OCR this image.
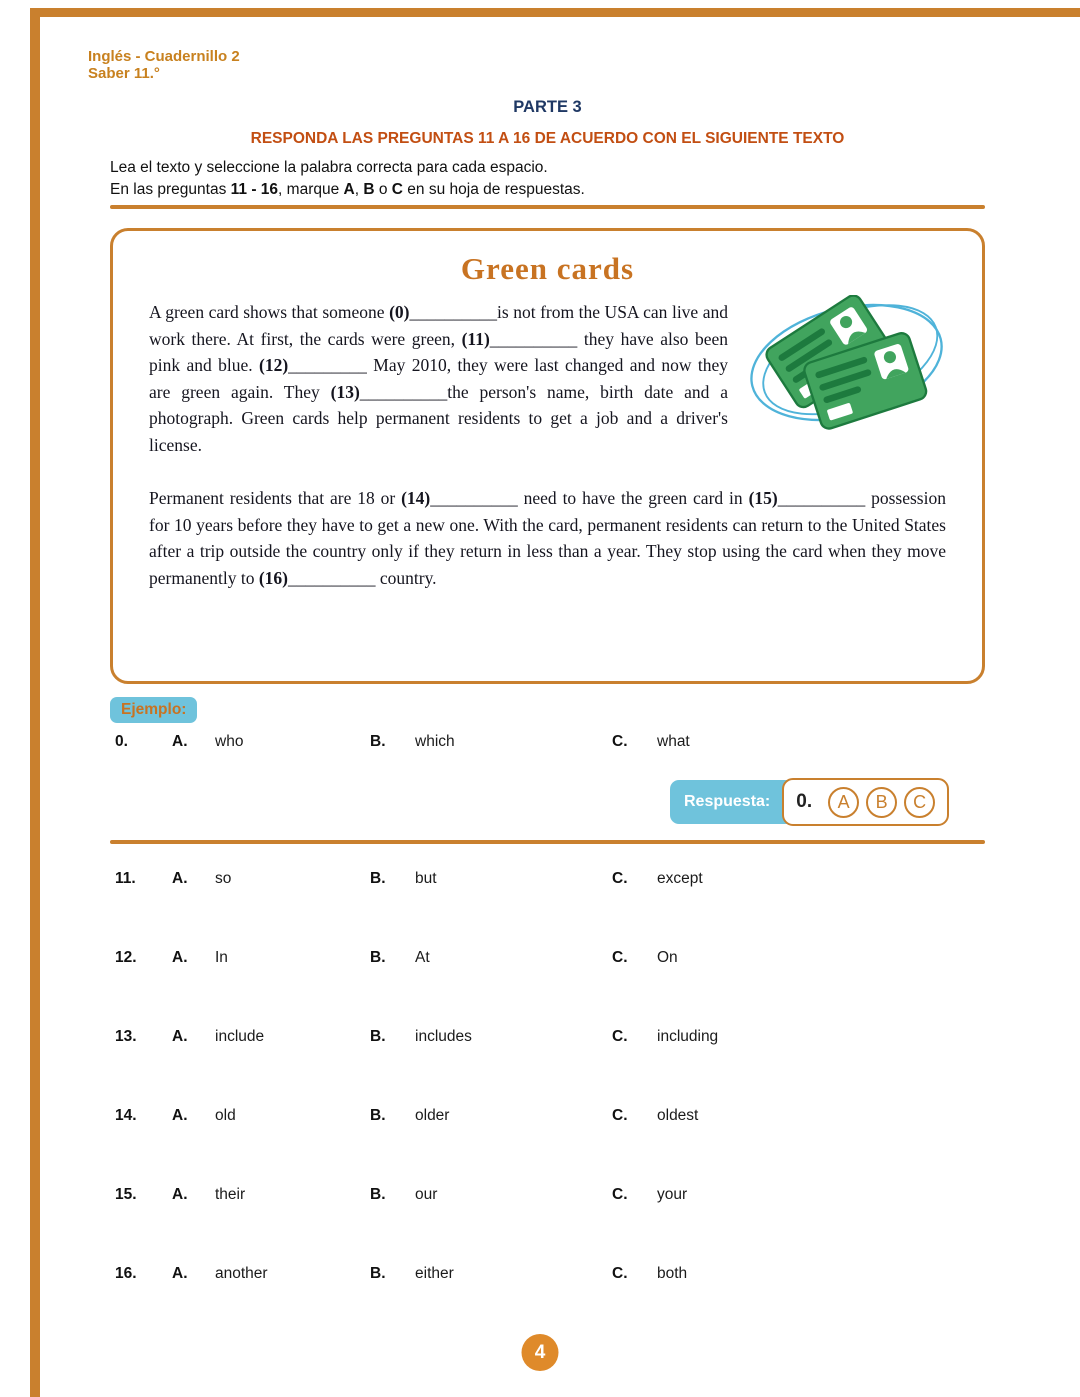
Inglés - Cuadernillo 2
Saber 11.°
PARTE 3
RESPONDA LAS PREGUNTAS 11 A 16 DE ACUERDO CON EL SIGUIENTE TEXTO
Lea el texto y seleccione la palabra correcta para cada espacio.
En las preguntas 11 - 16, marque A, B o C en su hoja de respuestas.
Green cards

A green card shows that someone (0)__________is not from the USA can live and work there. At first, the cards were green, (11)__________ they have also been pink and blue. (12)_________ May 2010, they were last changed and now they are green again. They (13)__________the person's name, birth date and a photograph. Green cards help permanent residents to get a job and a driver's license.

Permanent residents that are 18 or (14)__________ need to have the green card in (15)__________ possession for 10 years before they have to get a new one. With the card, permanent residents can return to the United States after a trip outside the country only if they return in less than a year. They stop using the card when they move permanently to (16)__________ country.

Ejemplo:
0.	A.	who	B.	which	C.	what
Respuesta:	0.	A	B	C
11.	A.	so	B.	but	C.	except
12.	A.	In	B.	At	C.	On
13.	A.	include	B.	includes	C.	including
14.	A.	old	B.	older	C.	oldest
15.	A.	their	B.	our	C.	your
16.	A.	another	B.	either	C.	both
4
